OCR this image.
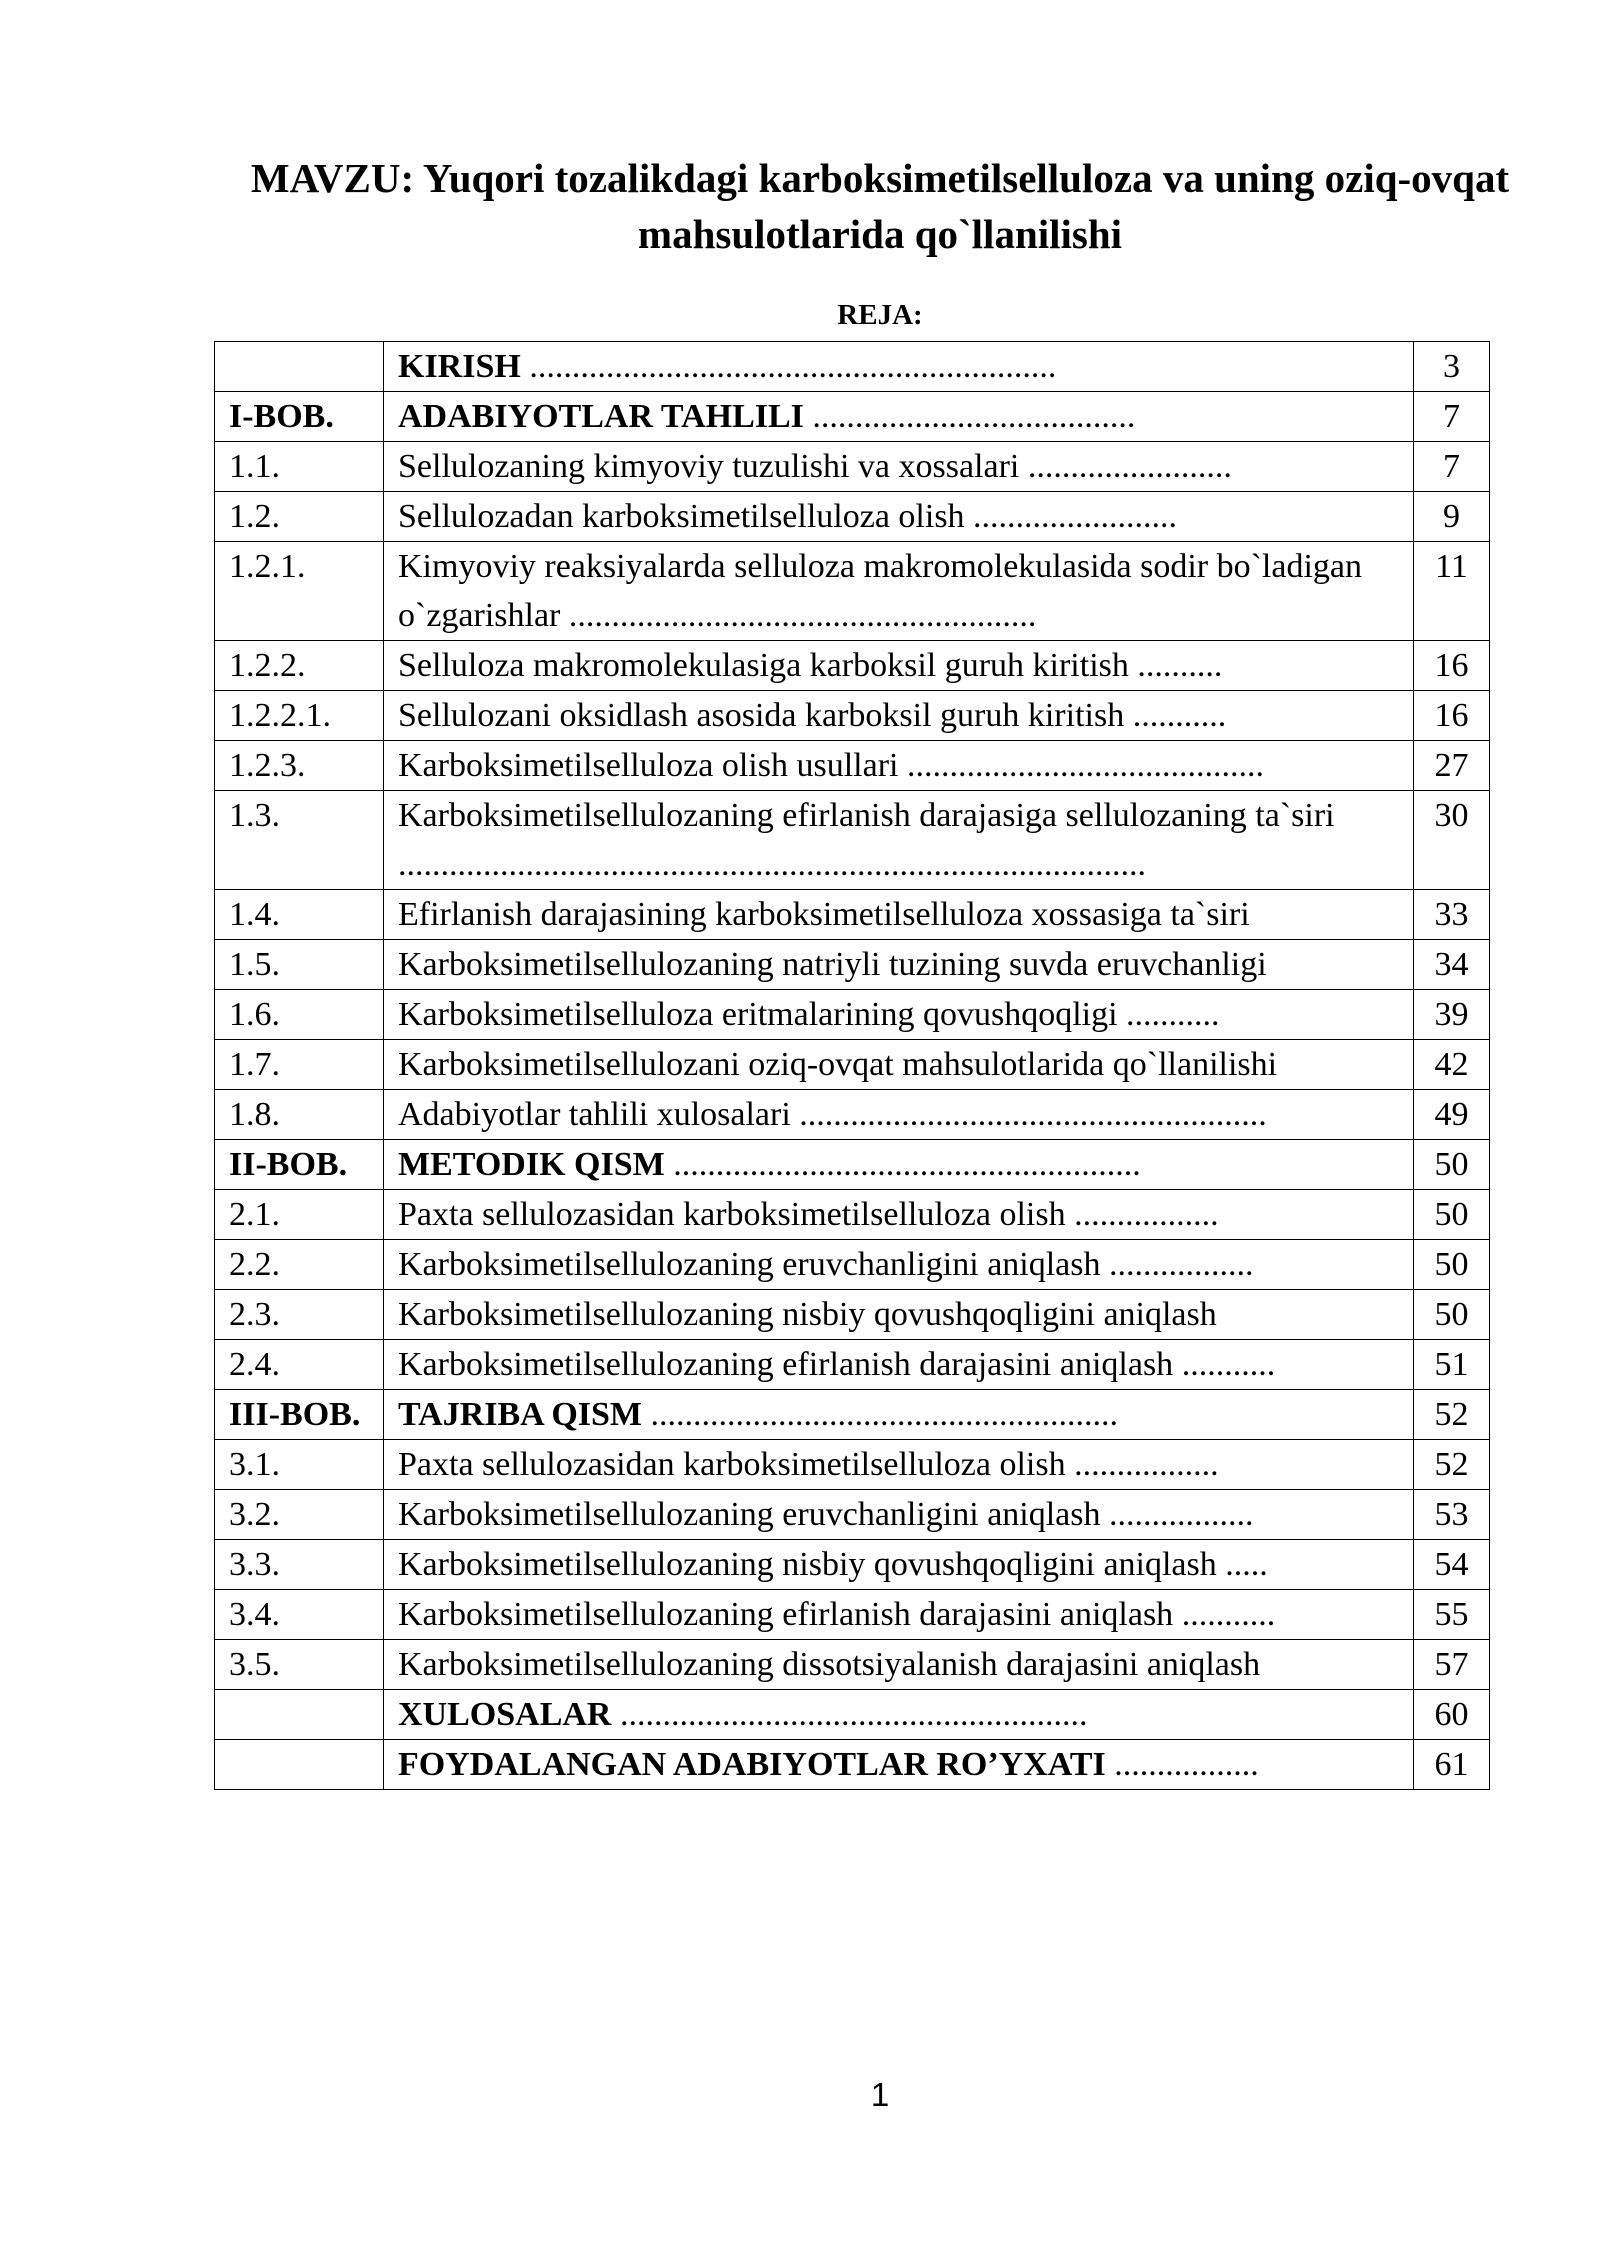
MAVZU: Yuqori tozalikdagi karboksimetilselluloza va uning oziq-ovqat mahsulotlarida qo`llanilishi
REJA:
	KIRISH ..............................................................	3
I-BOB.	ADABIYOTLAR TAHLILI ......................................	7
1.1.	Sellulozaning kimyoviy tuzulishi va xossalari ........................	7
1.2.	Sellulozadan karboksimetilselluloza olish ........................	9
1.2.1.	Kimyoviy reaksiyalarda selluloza makromolekulasida sodir bo`ladigan o`zgarishlar .......................................................	11
1.2.2.	Selluloza makromolekulasiga karboksil guruh kiritish ..........	16
1.2.2.1.	Sellulozani oksidlash asosida karboksil guruh kiritish ...........	16
1.2.3.	Karboksimetilselluloza olish usullari ..........................................	27
1.3.	Karboksimetilsellulozaning efirlanish darajasiga sellulozaning ta`siri ........................................................................................	30
1.4.	Efirlanish darajasining karboksimetilselluloza xossasiga ta`siri	33
1.5.	Karboksimetilsellulozaning natriyli tuzining suvda eruvchanligi	34
1.6.	Karboksimetilselluloza eritmalarining qovushqoqligi ...........	39
1.7.	Karboksimetilsellulozani oziq-ovqat mahsulotlarida qo`llanilishi	42
1.8.	Adabiyotlar tahlili xulosalari .......................................................	49
II-BOB.	METODIK QISM .......................................................	50
2.1.	Paxta sellulozasidan karboksimetilselluloza olish .................	50
2.2.	Karboksimetilsellulozaning eruvchanligini aniqlash .................	50
2.3.	Karboksimetilsellulozaning nisbiy qovushqoqligini aniqlash	50
2.4.	Karboksimetilsellulozaning efirlanish darajasini aniqlash ...........	51
III-BOB.	TAJRIBA QISM .......................................................	52
3.1.	Paxta sellulozasidan karboksimetilselluloza olish .................	52
3.2.	Karboksimetilsellulozaning eruvchanligini aniqlash .................	53
3.3.	Karboksimetilsellulozaning nisbiy qovushqoqligini aniqlash .....	54
3.4.	Karboksimetilsellulozaning efirlanish darajasini aniqlash ...........	55
3.5.	Karboksimetilsellulozaning dissotsiyalanish darajasini aniqlash	57
	XULOSALAR .......................................................	60
	FOYDALANGAN ADABIYOTLAR RO’YXATI .................	61
1
